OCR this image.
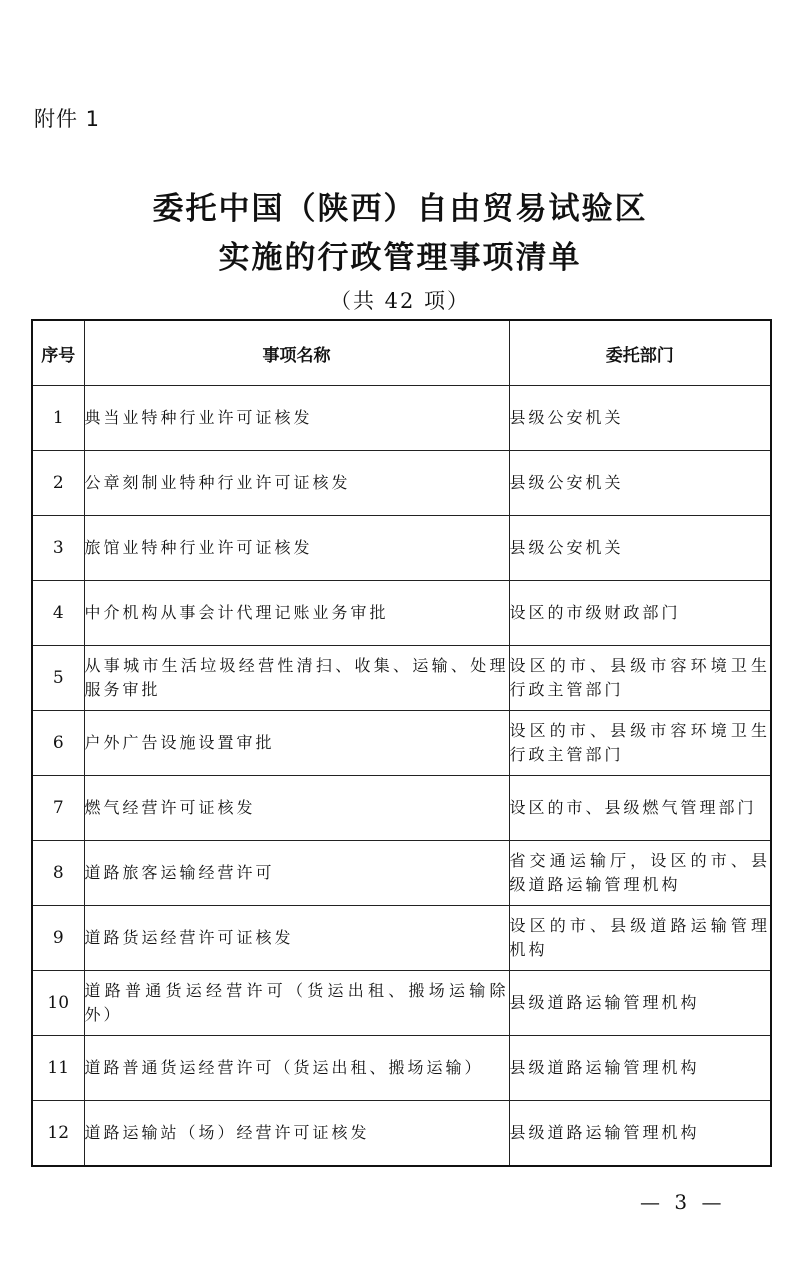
附件 1
委托中国（陕西）自由贸易试验区
实施的行政管理事项清单
（共 42 项）
序号	事项名称	委托部门
1	典当业特种行业许可证核发	县级公安机关
2	公章刻制业特种行业许可证核发	县级公安机关
3	旅馆业特种行业许可证核发	县级公安机关
4	中介机构从事会计代理记账业务审批	设区的市级财政部门
5	从事城市生活垃圾经营性清扫、收集、运输、处理服务审批	设区的市、县级市容环境卫生行政主管部门
6	户外广告设施设置审批	设区的市、县级市容环境卫生行政主管部门
7	燃气经营许可证核发	设区的市、县级燃气管理部门
8	道路旅客运输经营许可	省交通运输厅，设区的市、县级道路运输管理机构
9	道路货运经营许可证核发	设区的市、县级道路运输管理机构
10	道路普通货运经营许可（货运出租、搬场运输除外）	县级道路运输管理机构
11	道路普通货运经营许可（货运出租、搬场运输）	县级道路运输管理机构
12	道路运输站（场）经营许可证核发	县级道路运输管理机构
— 3 —
